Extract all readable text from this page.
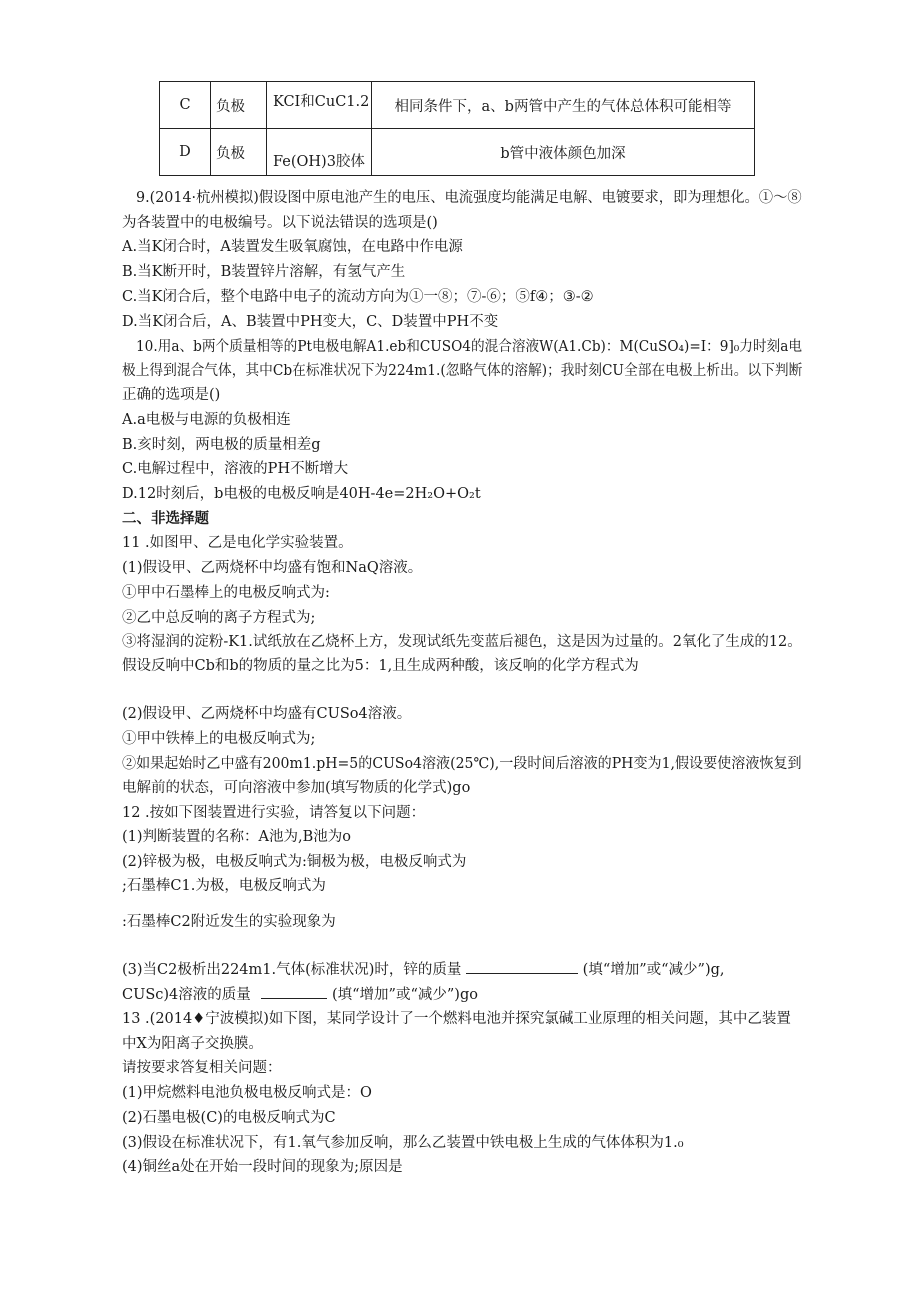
C	负极	KCI和CuC1.2	相同条件下，a、b两管中产生的气体总体积可能相等
D	负极	Fe(OH)3胶体	b管中液体颜色加深
9.(2014·杭州模拟)假设图中原电池产生的电压、电流强度均能满足电解、电镀要求，即为理想化。①～⑧
为各装置中的电极编号。以下说法错误的选项是()
A.当K闭合时，A装置发生吸氧腐蚀，在电路中作电源
B.当K断开时，B装置锌片溶解，有氢气产生
C.当K闭合后，整个电路中电子的流动方向为①一⑧；⑦-⑥；⑤f④；③-②
D.当K闭合后，A、B装置中PH变大，C、D装置中PH不变
10.用a、b两个质量相等的Pt电极电解A1.eb和CUSO4的混合溶液W(A1.Cb)：M(CuSO₄)=I：9]₀力时刻a电
极上得到混合气体，其中Cb在标准状况下为224m1.(忽略气体的溶解)；我时刻CU全部在电极上析出。以下判断
正确的选项是()
A.a电极与电源的负极相连
B.亥时刻，两电极的质量相差g
C.电解过程中，溶液的PH不断增大
D.12时刻后，b电极的电极反响是40H-4e=2H₂O+O₂t
二、非选择题
11 .如图甲、乙是电化学实验装置。
(1)假设甲、乙两烧杯中均盛有饱和NaQ溶液。
①甲中石墨棒上的电极反响式为:
②乙中总反响的离子方程式为;
③将湿润的淀粉-K1.试纸放在乙烧杯上方，发现试纸先变蓝后褪色，这是因为过量的。2氧化了生成的12。
假设反响中Cb和b的物质的量之比为5：1,且生成两种酸，该反响的化学方程式为
(2)假设甲、乙两烧杯中均盛有CUSo4溶液。
①甲中铁棒上的电极反响式为;
②如果起始时乙中盛有200m1.pH=5的CUSo4溶液(25℃),一段时间后溶液的PH变为1,假设要使溶液恢复到
电解前的状态，可向溶液中参加(填写物质的化学式)go
12 .按如下图装置进行实验，请答复以下问题：
(1)判断装置的名称：A池为,B池为o
(2)锌极为极，电极反响式为:铜极为极，电极反响式为
;石墨棒C1.为极，电极反响式为
:石墨棒C2附近发生的实验现象为
(3)当C2极析出224m1.气体(标准状况)时，锌的质量	(填“增加”或“减少”)g,
CUSc)4溶液的质量	(填“增加”或“减少”)go
13 .(2014♦宁波模拟)如下图，某同学设计了一个燃料电池并探究氯碱工业原理的相关问题，其中乙装置
中X为阳离子交换膜。
请按要求答复相关问题：
(1)甲烷燃料电池负极电极反响式是：O
(2)石墨电极(C)的电极反响式为C
(3)假设在标准状况下，有1.氧气参加反响，那么乙装置中铁电极上生成的气体体积为1.₀
(4)铜丝a处在开始一段时间的现象为;原因是
